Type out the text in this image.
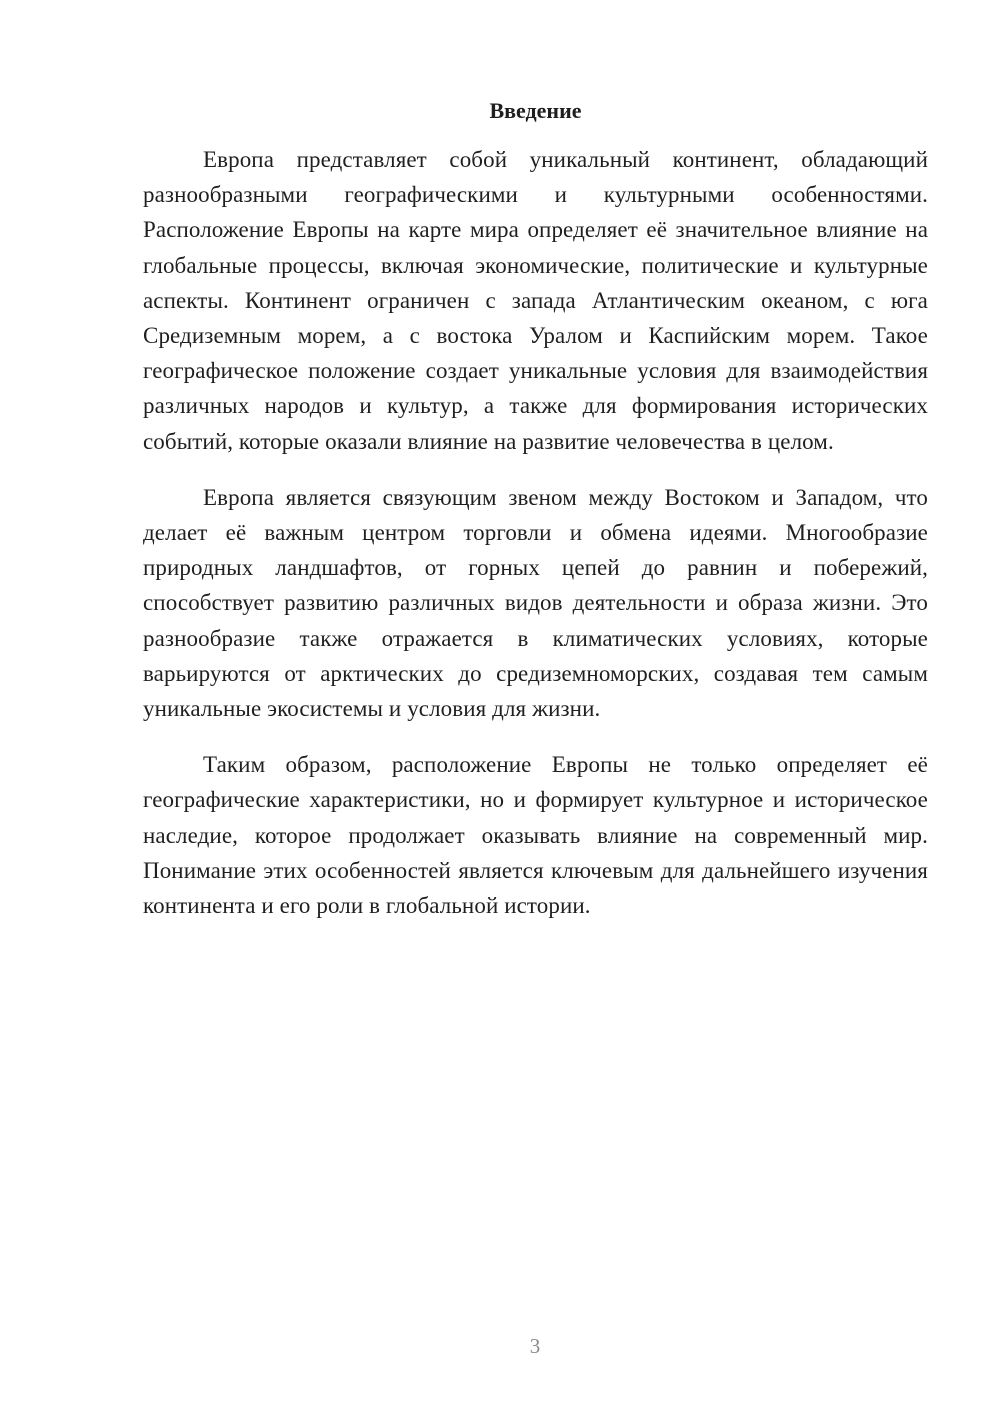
Введение

Европа представляет собой уникальный континент, обладающий разнообразными географическими и культурными особенностями. Расположение Европы на карте мира определяет её значительное влияние на глобальные процессы, включая экономические, политические и культурные аспекты. Континент ограничен с запада Атлантическим океаном, с юга Средиземным морем, а с востока Уралом и Каспийским морем. Такое географическое положение создает уникальные условия для взаимодействия различных народов и культур, а также для формирования исторических событий, которые оказали влияние на развитие человечества в целом.

Европа является связующим звеном между Востоком и Западом, что делает её важным центром торговли и обмена идеями. Многообразие природных ландшафтов, от горных цепей до равнин и побережий, способствует развитию различных видов деятельности и образа жизни. Это разнообразие также отражается в климатических условиях, которые варьируются от арктических до средиземноморских, создавая тем самым уникальные экосистемы и условия для жизни.

Таким образом, расположение Европы не только определяет её географические характеристики, но и формирует культурное и историческое наследие, которое продолжает оказывать влияние на современный мир. Понимание этих особенностей является ключевым для дальнейшего изучения континента и его роли в глобальной истории.

3
